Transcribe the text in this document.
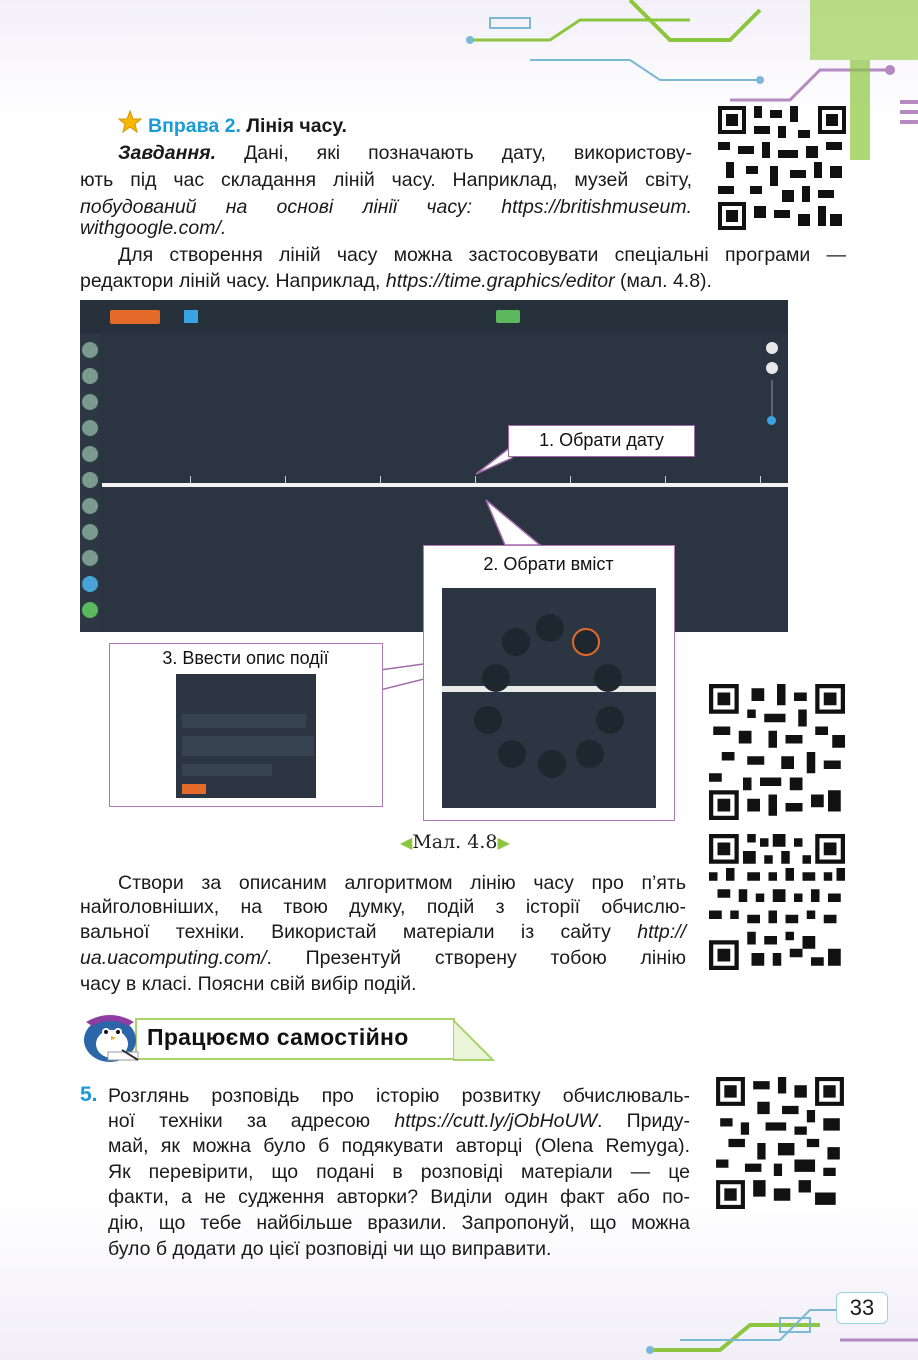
Вправа 2. Лінія часу.
Завдання. Дані, які позначають дату, використову-
ють під час складання ліній часу. Наприклад, музей світу,
побудований на основі лінії часу: https://britishmuseum.
withgoogle.com/.
Для створення ліній часу можна застосовувати спеціальні програми —
редактори ліній часу. Наприклад, https://time.graphics/editor (мал. 4.8).
1. Обрати дату
2. Обрати вміст
3. Ввести опис події
◀Мал. 4.8▶
Створи за описаним алгоритмом лінію часу про п’ять
найголовніших, на твою думку, подій з історії обчислю-
вальної техніки. Використай матеріали із сайту http://
ua.uacomputing.com/. Презентуй створену тобою лінію
часу в класі. Поясни свій вибір подій.
Працюємо самостійно
5. Розглянь розповідь про історію розвитку обчислюваль-
ної техніки за адресою https://cutt.ly/jObHoUW. Приду-
май, як можна було б подякувати авторці (Olena Remyga).
Як перевірити, що подані в розповіді матеріали — це
факти, а не судження авторки? Виділи один факт або по-
дію, що тебе найбільше вразили. Запропонуй, що можна
було б додати до цієї розповіді чи що виправити.
33
